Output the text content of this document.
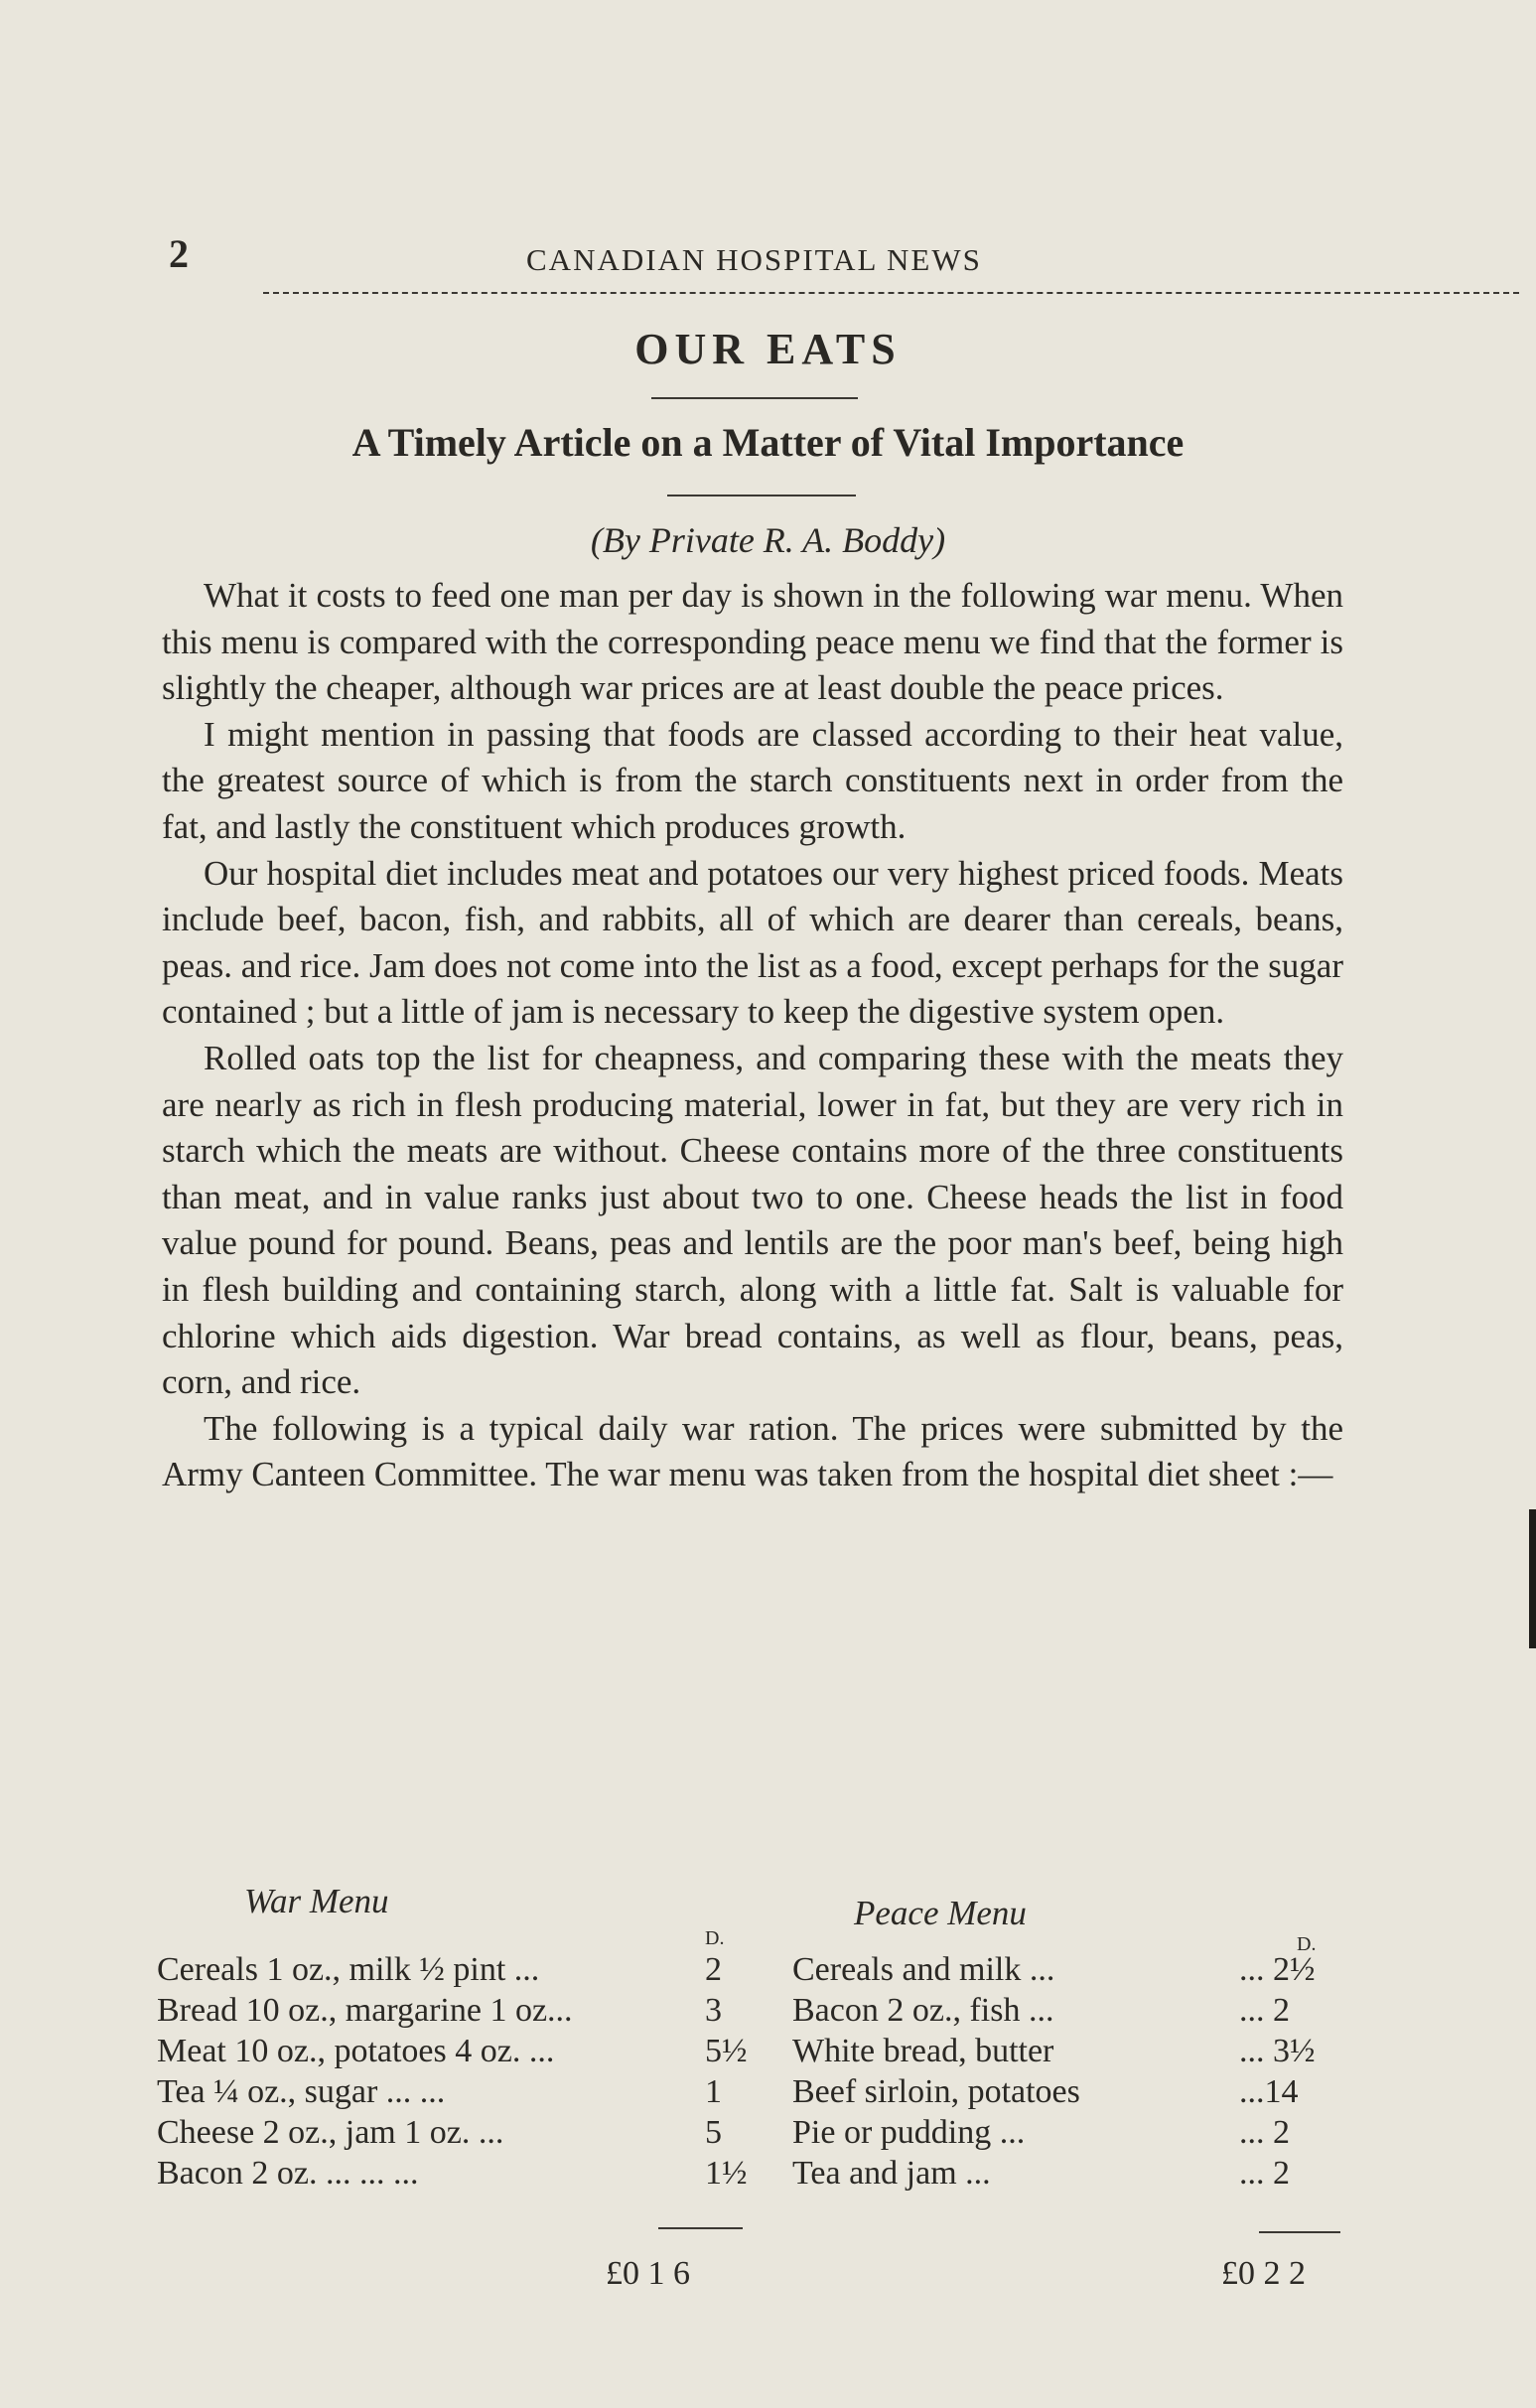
2	CANADIAN HOSPITAL NEWS
OUR EATS
A Timely Article on a Matter of Vital Importance
(By Private R. A. Boddy)

What it costs to feed one man per day is shown in the following war menu. When this menu is compared with the corresponding peace menu we find that the former is slightly the cheaper, although war prices are at least double the peace prices.

I might mention in passing that foods are classed according to their heat value, the greatest source of which is from the starch constituents next in order from the fat, and lastly the constituent which produces growth.

Our hospital diet includes meat and potatoes our very highest priced foods. Meats include beef, bacon, fish, and rabbits, all of which are dearer than cereals, beans, peas. and rice. Jam does not come into the list as a food, except perhaps for the sugar contained ; but a little of jam is necessary to keep the digestive system open.

Rolled oats top the list for cheapness, and comparing these with the meats they are nearly as rich in flesh producing material, lower in fat, but they are very rich in starch which the meats are without. Cheese contains more of the three constituents than meat, and in value ranks just about two to one. Cheese heads the list in food value pound for pound. Beans, peas and lentils are the poor man's beef, being high in flesh building and containing starch, along with a little fat. Salt is valuable for chlorine which aids digestion. War bread contains, as well as flour, beans, peas, corn, and rice.

The following is a typical daily war ration. The prices were submitted by the Army Canteen Committee. The war menu was taken from the hospital diet sheet :—

War Menu
D.
Cereals 1 oz., milk ½ pint ...	2
Bread 10 oz., margarine 1 oz...	3
Meat 10 oz., potatoes 4 oz. ...	5½
Tea ¼ oz., sugar ... ...	1
Cheese 2 oz., jam 1 oz. ...	5
Bacon 2 oz. ... ... ...	1½
£0 1 6
Peace Menu
D.
Cereals and milk ...	... 2½
Bacon 2 oz., fish ...	... 2
White bread, butter	... 3½
Beef sirloin, potatoes	...14
Pie or pudding ...	... 2
Tea and jam ...	... 2
£0 2 2
